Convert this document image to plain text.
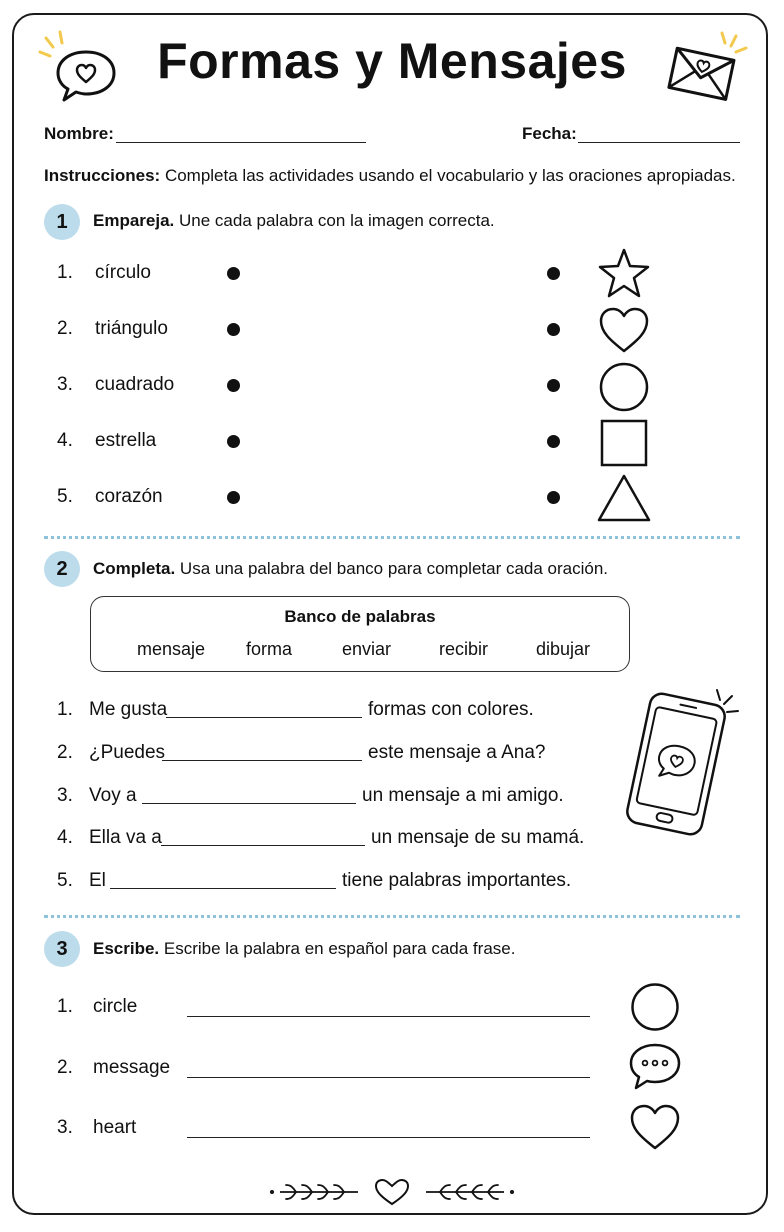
Formas y Mensajes
Nombre:	Fecha:
Instrucciones: Completa las actividades usando el vocabulario y las oraciones apropiadas.
1	Empareja. Une cada palabra con la imagen correcta.
1. círculo
2. triángulo
3. cuadrado
4. estrella
5. corazón
2	Completa. Usa una palabra del banco para completar cada oración.
Banco de palabras
mensaje forma	enviar	recibir	dibujar
1. Me gusta	formas con colores.
2. ¿Puedes	este mensaje a Ana?
3. Voy a	un mensaje a mi amigo.
4. Ella va a	un mensaje de su mamá.
5. El	tiene palabras importantes.
3	Escribe. Escribe la palabra en español para cada frase.
1. circle
2. message
3. heart
